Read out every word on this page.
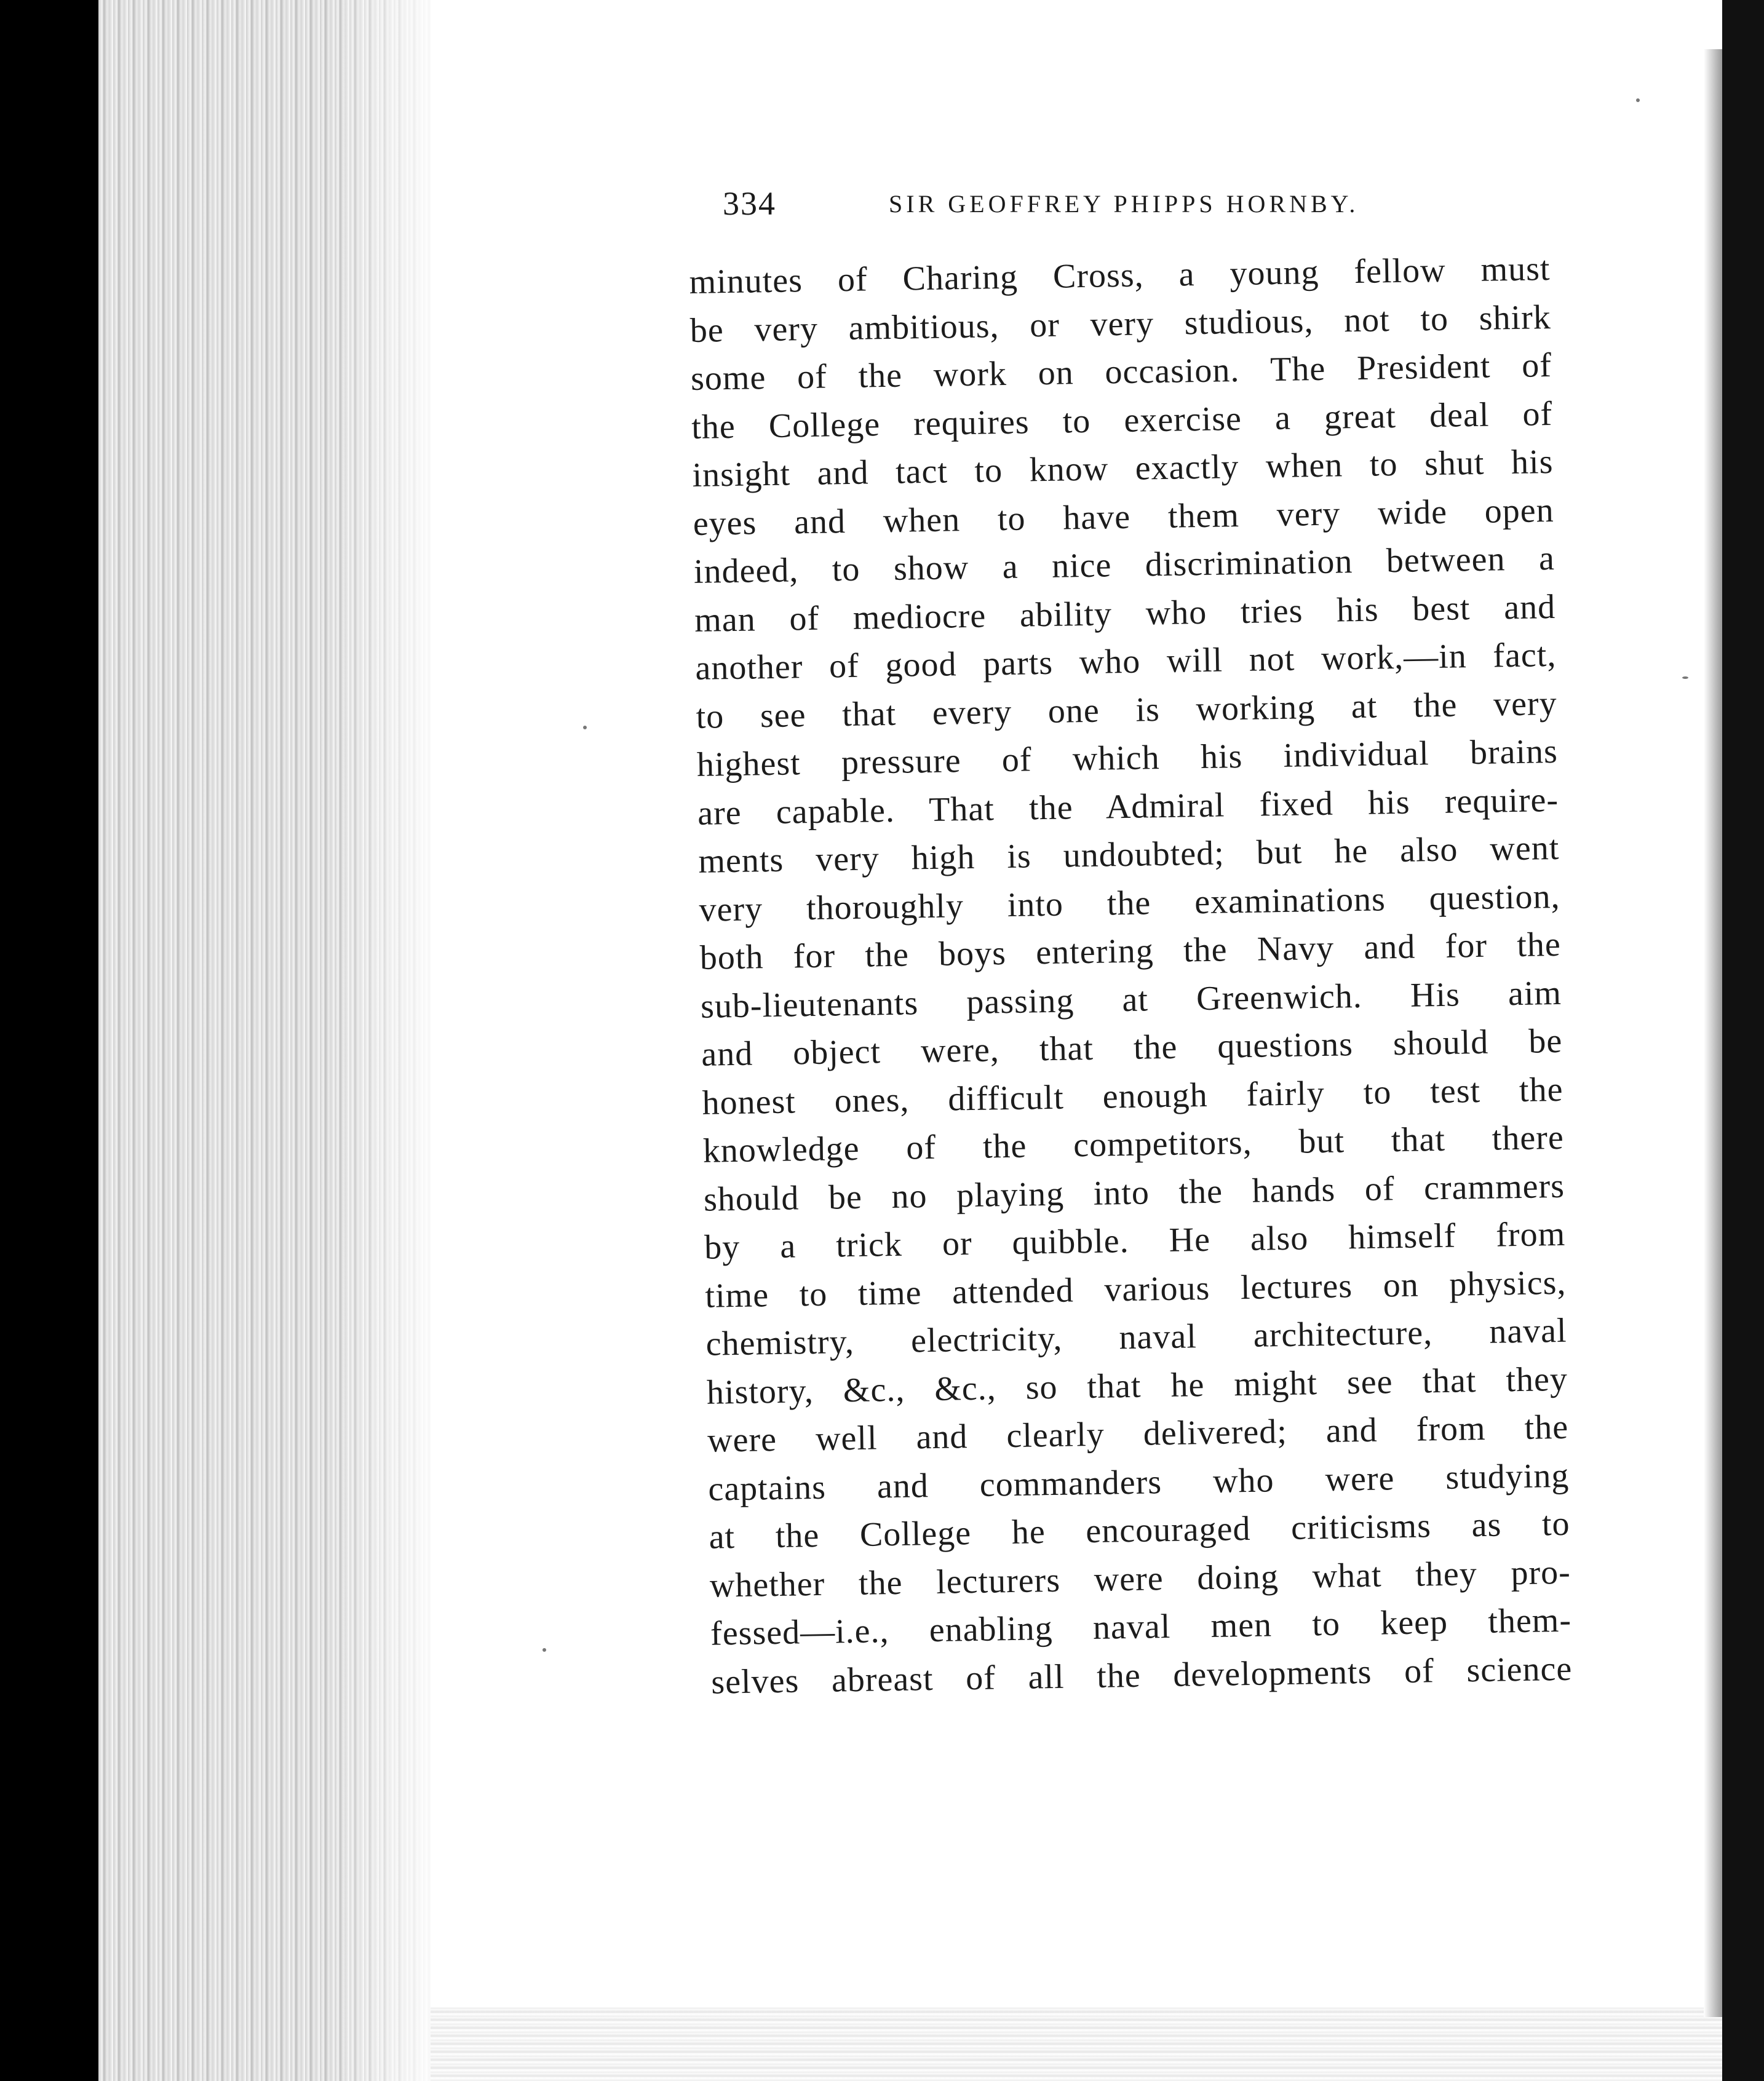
334	SIR GEOFFREY PHIPPS HORNBY.
minutes of Charing Cross, a young fellow must
be very ambitious, or very studious, not to shirk
some of the work on occasion. The President of
the College requires to exercise a great deal of
insight and tact to know exactly when to shut his
eyes and when to have them very wide open
indeed, to show a nice discrimination between a
man of mediocre ability who tries his best and
another of good parts who will not work,—in fact,
to see that every one is working at the very
highest pressure of which his individual brains
are capable. That the Admiral fixed his require-
ments very high is undoubted; but he also went
very thoroughly into the examinations question,
both for the boys entering the Navy and for the
sub-lieutenants passing at Greenwich. His aim
and object were, that the questions should be
honest ones, difficult enough fairly to test the
knowledge of the competitors, but that there
should be no playing into the hands of crammers
by a trick or quibble. He also himself from
time to time attended various lectures on physics,
chemistry, electricity, naval architecture, naval
history, &c., &c., so that he might see that they
were well and clearly delivered; and from the
captains and commanders who were studying
at the College he encouraged criticisms as to
whether the lecturers were doing what they pro-
fessed—i.e., enabling naval men to keep them-
selves abreast of all the developments of science
